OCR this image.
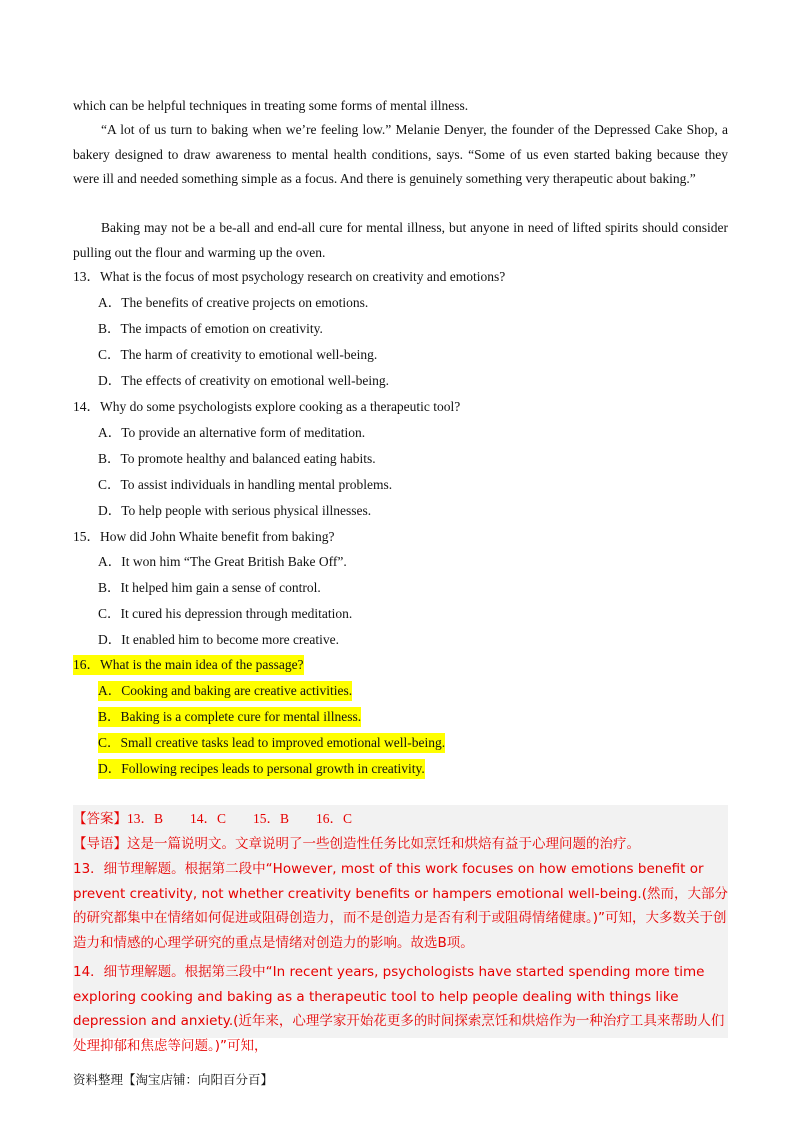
which can be helpful techniques in treating some forms of mental illness.

“A lot of us turn to baking when we’re feeling low.” Melanie Denyer, the founder of the Depressed Cake Shop, a bakery designed to draw awareness to mental health conditions, says. “Some of us even started baking because they were ill and needed something simple as a focus. And there is genuinely something very therapeutic about baking.”

Baking may not be a be-all and end-all cure for mental illness, but anyone in need of lifted spirits should consider pulling out the flour and warming up the oven.

13．What is the focus of most psychology research on creativity and emotions?
A．The benefits of creative projects on emotions.
B．The impacts of emotion on creativity.
C．The harm of creativity to emotional well-being.
D．The effects of creativity on emotional well-being.
14．Why do some psychologists explore cooking as a therapeutic tool?
A．To provide an alternative form of meditation.
B．To promote healthy and balanced eating habits.
C．To assist individuals in handling mental problems.
D．To help people with serious physical illnesses.
15．How did John Whaite benefit from baking?
A．It won him “The Great British Bake Off”.
B．It helped him gain a sense of control.
C．It cured his depression through meditation.
D．It enabled him to become more creative.
16．What is the main idea of the passage?
A．Cooking and baking are creative activities.
B．Baking is a complete cure for mental illness.
C．Small creative tasks lead to improved emotional well-being.
D．Following recipes leads to personal growth in creativity.

【答案】13．B　　14．C　　15．B　　16．C

【导语】这是一篇说明文。文章说明了一些创造性任务比如烹饪和烘焙有益于心理问题的治疗。

13．细节理解题。根据第二段中“However, most of this work focuses on how emotions benefit or prevent creativity, not whether creativity benefits or hampers emotional well-being.(然而，大部分的研究都集中在情绪如何促进或阻碍创造力，而不是创造力是否有利于或阻碍情绪健康。)”可知，大多数关于创造力和情感的心理学研究的重点是情绪对创造力的影响。故选B项。

14．细节理解题。根据第三段中“In recent years, psychologists have started spending more time exploring cooking and baking as a therapeutic tool to help people dealing with things like depression and anxiety.(近年来，心理学家开始花更多的时间探索烹饪和烘焙作为一种治疗工具来帮助人们处理抑郁和焦虑等问题。)”可知，

资料整理【淘宝店铺：向阳百分百】
